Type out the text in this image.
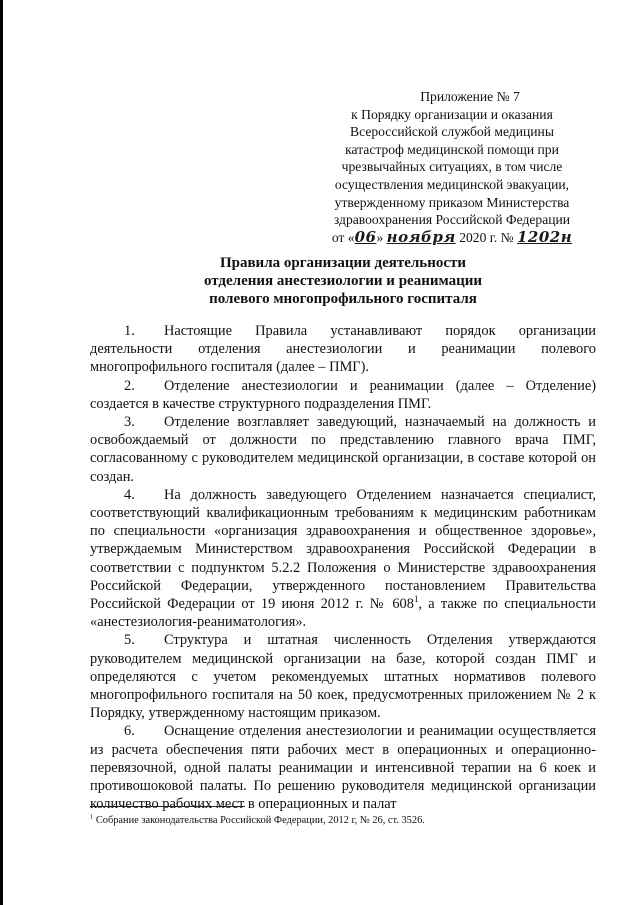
Приложение № 7
к Порядку организации и оказания
Всероссийской службой медицины
катастроф медицинской помощи при
чрезвычайных ситуациях, в том числе
осуществления медицинской эвакуации,
утвержденному приказом Министерства
здравоохранения Российской Федерации
от «06» ноября 2020 г. № 1202н
Правила организации деятельности
отделения анестезиологии и реанимации
полевого многопрофильного госпиталя

1. Настоящие Правила устанавливают порядок организации деятельности отделения анестезиологии и реанимации полевого многопрофильного госпиталя (далее – ПМГ).

2. Отделение анестезиологии и реанимации (далее – Отделение) создается в качестве структурного подразделения ПМГ.

3. Отделение возглавляет заведующий, назначаемый на должность и освобождаемый от должности по представлению главного врача ПМГ, согласованному с руководителем медицинской организации, в составе которой он создан.

4. На должность заведующего Отделением назначается специалист, соответствующий квалификационным требованиям к медицинским работникам по специальности «организация здравоохранения и общественное здоровье», утверждаемым Министерством здравоохранения Российской Федерации в соответствии с подпунктом 5.2.2 Положения о Министерстве здравоохранения Российской Федерации, утвержденного постановлением Правительства Российской Федерации от 19 июня 2012 г. № $608^1$, а также по специальности «анестезиология-реаниматология».

5. Структура и штатная численность Отделения утверждаются руководителем медицинской организации на базе, которой создан ПМГ и определяются с учетом рекомендуемых штатных нормативов полевого многопрофильного госпиталя на 50 коек, предусмотренных приложением № 2 к Порядку, утвержденному настоящим приказом.

6. Оснащение отделения анестезиологии и реанимации осуществляется из расчета обеспечения пяти рабочих мест в операционных и операционно-перевязочной, одной палаты реанимации и интенсивной терапии на 6 коек и противошоковой палаты. По решению руководителя медицинской организации количество рабочих мест в операционных и палат

$^1$ Собрание законодательства Российской Федерации, 2012 г, № 26, ст. 3526.
